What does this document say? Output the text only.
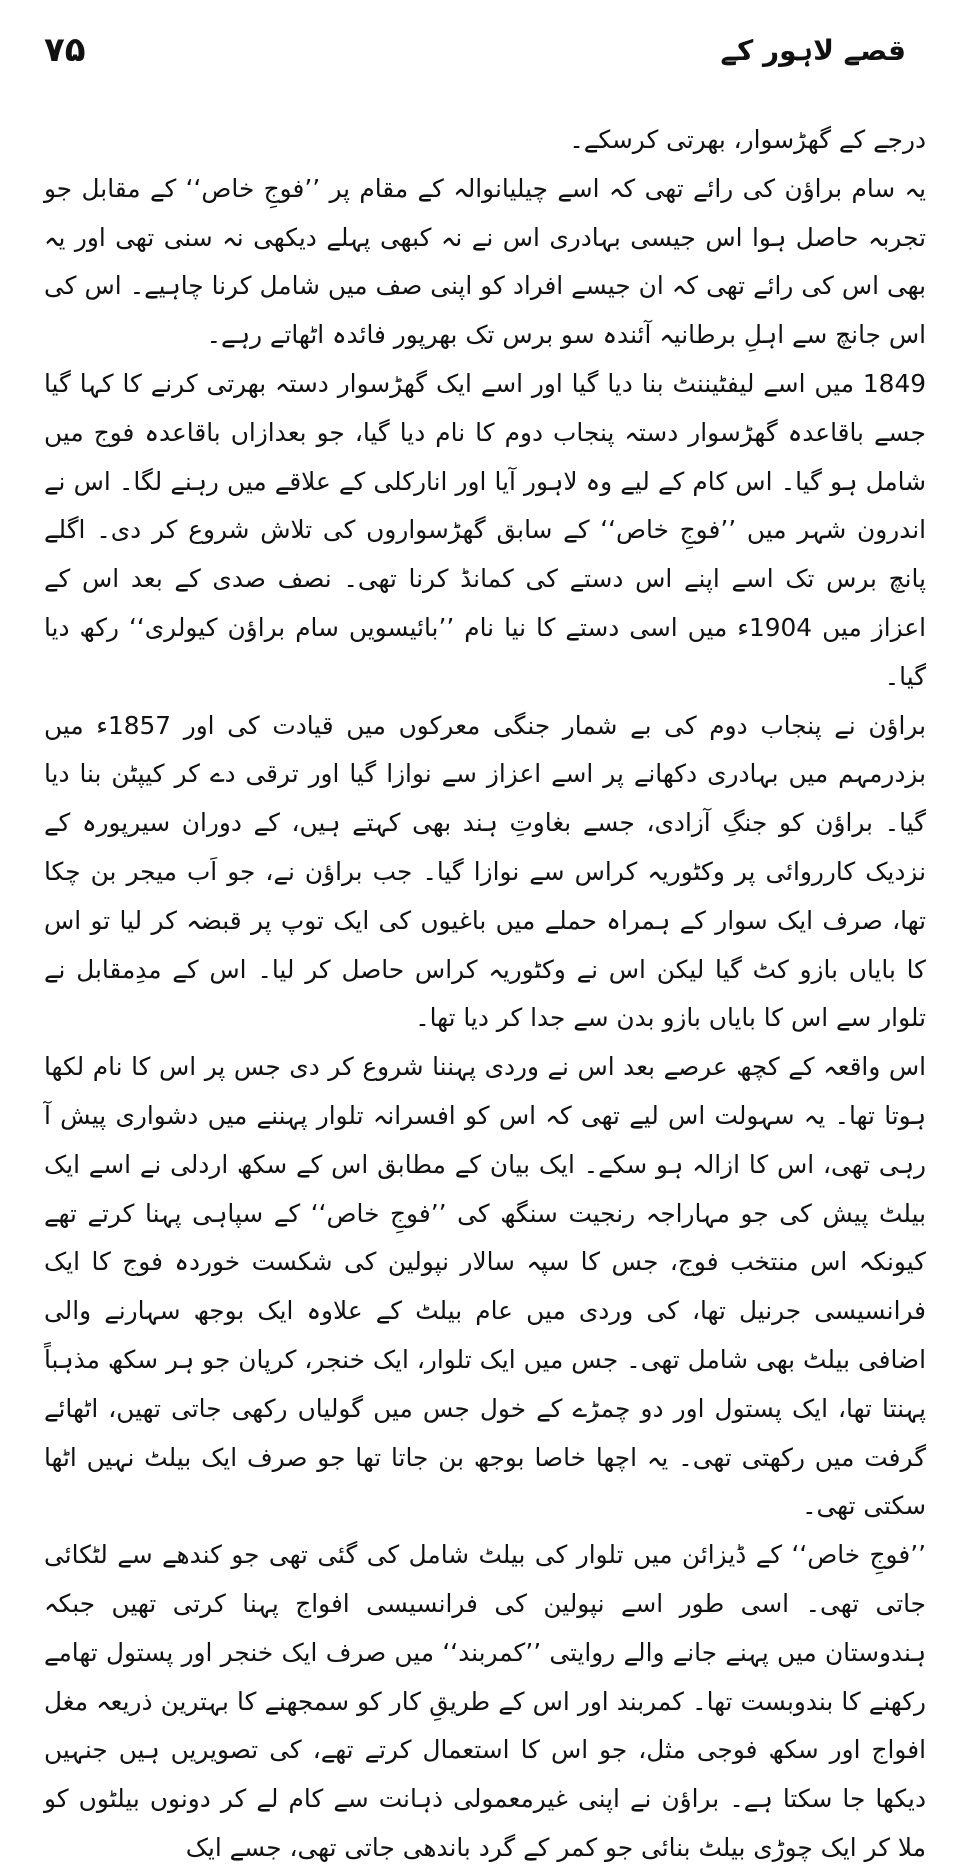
قصے لاہور کے
۷۵

درجے کے گھڑسوار، بھرتی کرسکے۔

یہ سام براؤن کی رائے تھی کہ اسے چیلیانوالہ کے مقام پر ’’فوجِ خاص‘‘ کے مقابل جو تجربہ حاصل ہوا اس جیسی بہادری اس نے نہ کبھی پہلے دیکھی نہ سنی تھی اور یہ بھی اس کی رائے تھی کہ ان جیسے افراد کو اپنی صف میں شامل کرنا چاہیے۔ اس کی اس جانچ سے اہلِ برطانیہ آئندہ سو برس تک بھرپور فائدہ اٹھاتے رہے۔

1849 میں اسے لیفٹیننٹ بنا دیا گیا اور اسے ایک گھڑسوار دستہ بھرتی کرنے کا کہا گیا جسے باقاعدہ گھڑسوار دستہ پنجاب دوم کا نام دیا گیا، جو بعدازاں باقاعدہ فوج میں شامل ہو گیا۔ اس کام کے لیے وہ لاہور آیا اور انارکلی کے علاقے میں رہنے لگا۔ اس نے اندرون شہر میں ’’فوجِ خاص‘‘ کے سابق گھڑسواروں کی تلاش شروع کر دی۔ اگلے پانچ برس تک اسے اپنے اس دستے کی کمانڈ کرنا تھی۔ نصف صدی کے بعد اس کے اعزاز میں 1904ء میں اسی دستے کا نیا نام ’’بائیسویں سام براؤن کیولری‘‘ رکھ دیا گیا۔

براؤن نے پنجاب دوم کی بے شمار جنگی معرکوں میں قیادت کی اور 1857ء میں بزدرمہم میں بہادری دکھانے پر اسے اعزاز سے نوازا گیا اور ترقی دے کر کیپٹن بنا دیا گیا۔ براؤن کو جنگِ آزادی، جسے بغاوتِ ہند بھی کہتے ہیں، کے دوران سیرپورہ کے نزدیک کارروائی پر وکٹوریہ کراس سے نوازا گیا۔ جب براؤن نے، جو اَب میجر بن چکا تھا، صرف ایک سوار کے ہمراہ حملے میں باغیوں کی ایک توپ پر قبضہ کر لیا تو اس کا بایاں بازو کٹ گیا لیکن اس نے وکٹوریہ کراس حاصل کر لیا۔ اس کے مدِمقابل نے تلوار سے اس کا بایاں بازو بدن سے جدا کر دیا تھا۔

اس واقعہ کے کچھ عرصے بعد اس نے وردی پہننا شروع کر دی جس پر اس کا نام لکھا ہوتا تھا۔ یہ سہولت اس لیے تھی کہ اس کو افسرانہ تلوار پہننے میں دشواری پیش آ رہی تھی، اس کا ازالہ ہو سکے۔ ایک بیان کے مطابق اس کے سکھ اردلی نے اسے ایک بیلٹ پیش کی جو مہاراجہ رنجیت سنگھ کی ’’فوجِ خاص‘‘ کے سپاہی پہنا کرتے تھے کیونکہ اس منتخب فوج، جس کا سپہ سالار نپولین کی شکست خوردہ فوج کا ایک فرانسیسی جرنیل تھا، کی وردی میں عام بیلٹ کے علاوہ ایک بوجھ سہارنے والی اضافی بیلٹ بھی شامل تھی۔ جس میں ایک تلوار، ایک خنجر، کرپان جو ہر سکھ مذہباً پہنتا تھا، ایک پستول اور دو چمڑے کے خول جس میں گولیاں رکھی جاتی تھیں، اٹھائے گرفت میں رکھتی تھی۔ یہ اچھا خاصا بوجھ بن جاتا تھا جو صرف ایک بیلٹ نہیں اٹھا سکتی تھی۔

’’فوجِ خاص‘‘ کے ڈیزائن میں تلوار کی بیلٹ شامل کی گئی تھی جو کندھے سے لٹکائی جاتی تھی۔ اسی طور اسے نپولین کی فرانسیسی افواج پہنا کرتی تھیں جبکہ ہندوستان میں پہنے جانے والے روایتی ’’کمربند‘‘ میں صرف ایک خنجر اور پستول تھامے رکھنے کا بندوبست تھا۔ کمربند اور اس کے طریقِ کار کو سمجھنے کا بہترین ذریعہ مغل افواج اور سکھ فوجی مثل، جو اس کا استعمال کرتے تھے، کی تصویریں ہیں جنہیں دیکھا جا سکتا ہے۔ براؤن نے اپنی غیرمعمولی ذہانت سے کام لے کر دونوں بیلٹوں کو ملا کر ایک چوڑی بیلٹ بنائی جو کمر کے گرد باندھی جاتی تھی، جسے ایک
